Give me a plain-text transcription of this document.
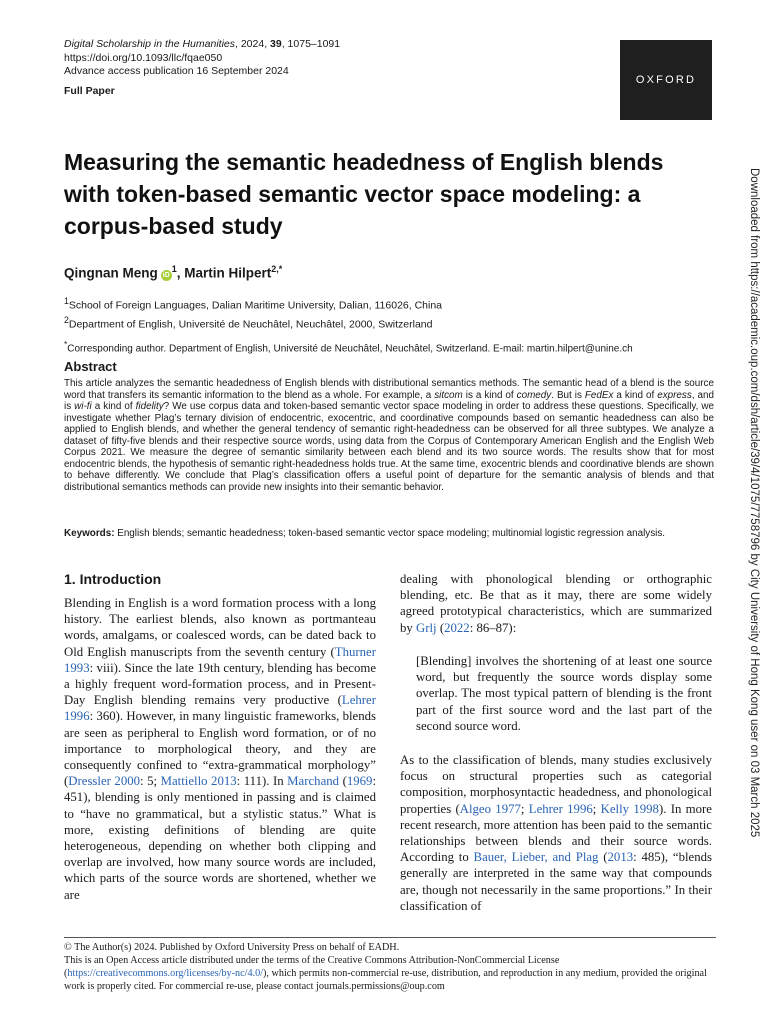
Digital Scholarship in the Humanities, 2024, 39, 1075–1091
https://doi.org/10.1093/llc/fqae050
Advance access publication 16 September 2024
Full Paper
OXFORD
Measuring the semantic headedness of English blends with token-based semantic vector space modeling: a corpus-based study
Qingnan Meng $iD^1$, Martin Hilpert$^{2,*}$
$^1$School of Foreign Languages, Dalian Maritime University, Dalian, 116026, China
$^2$Department of English, Université de Neuchâtel, Neuchâtel, 2000, Switzerland
*Corresponding author. Department of English, Université de Neuchâtel, Neuchâtel, Switzerland. E-mail: martin.hilpert@unine.ch
Abstract

This article analyzes the semantic headedness of English blends with distributional semantics methods. The semantic head of a blend is the source word that transfers its semantic information to the blend as a whole. For example, a sitcom is a kind of comedy. But is FedEx a kind of express, and is wi-fi a kind of fidelity? We use corpus data and token-based semantic vector space modeling in order to address these questions. Specifically, we investigate whether Plag’s ternary division of endocentric, exocentric, and coordinative compounds based on semantic headedness can also be applied to English blends, and whether the general tendency of semantic right-headedness can be observed for all three subtypes. We analyze a dataset of fifty-five blends and their respective source words, using data from the Corpus of Contemporary American English and the English Web Corpus 2021. We measure the degree of semantic similarity between each blend and its two source words. The results show that for most endocentric blends, the hypothesis of semantic right-headedness holds true. At the same time, exocentric blends and coordinative blends are shown to behave differently. We conclude that Plag’s classification offers a useful point of departure for the semantic analysis of blends and that distributional semantics methods can provide new insights into their semantic behavior.

Keywords: English blends; semantic headedness; token-based semantic vector space modeling; multinomial logistic regression analysis.

1. Introduction

Blending in English is a word formation process with a long history. The earliest blends, also known as portmanteau words, amalgams, or coalesced words, can be dated back to Old English manuscripts from the seventh century (Thurner 1993: viii). Since the late 19th century, blending has become a highly frequent word-formation process, and in Present-Day English blending remains very productive (Lehrer 1996: 360). However, in many linguistic frameworks, blends are seen as peripheral to English word formation, or of no importance to morphological theory, and they are consequently confined to “extra-grammatical morphology” (Dressler 2000: 5; Mattiello 2013: 111). In Marchand (1969: 451), blending is only mentioned in passing and is claimed to “have no grammatical, but a stylistic status.” What is more, existing definitions of blending are quite heterogeneous, depending on whether both clipping and overlap are involved, how many source words are included, which parts of the source words are shortened, whether we are

dealing with phonological blending or orthographic blending, etc. Be that as it may, there are some widely agreed prototypical characteristics, which are summarized by Grlj (2022: 86–87):

[Blending] involves the shortening of at least one source word, but frequently the source words display some overlap. The most typical pattern of blending is the front part of the first source word and the last part of the second source word.

As to the classification of blends, many studies exclusively focus on structural properties such as categorial composition, morphosyntactic headedness, and phonological properties (Algeo 1977; Lehrer 1996; Kelly 1998). In more recent research, more attention has been paid to the semantic relationships between blends and their source words. According to Bauer, Lieber, and Plag (2013: 485), “blends generally are interpreted in the same way that compounds are, though not necessarily in the same proportions.” In their classification of

© The Author(s) 2024. Published by Oxford University Press on behalf of EADH.
This is an Open Access article distributed under the terms of the Creative Commons Attribution-NonCommercial License (https://creativecommons.org/licenses/by-nc/4.0/), which permits non-commercial re-use, distribution, and reproduction in any medium, provided the original work is properly cited. For commercial re-use, please contact journals.permissions@oup.com

Downloaded from https://academic.oup.com/dsh/article/39/4/1075/7758796 by City University of Hong Kong user on 03 March 2025
